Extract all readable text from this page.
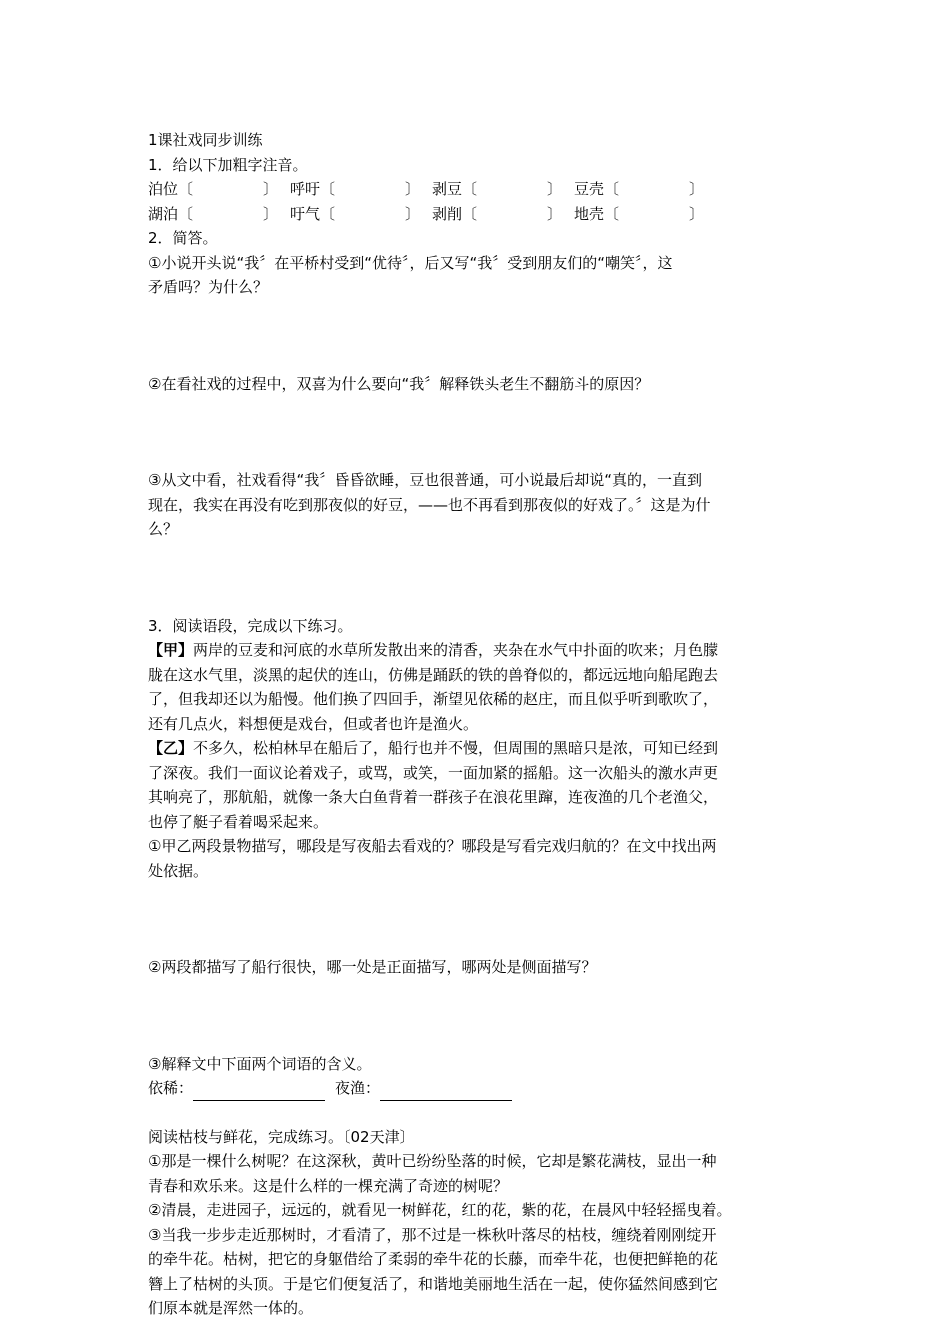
1课社戏同步训练
1．给以下加粗字注音。
泊位 〔	〕 呼吁 〔	〕 剥豆 〔	〕 豆壳 〔	〕
湖泊 〔	〕 吁气 〔	〕 剥削 〔	〕 地壳 〔	〕
2．简答。
①小说开头说“我〞在平桥村受到“优待〞，后又写“我〞受到朋友们的“嘲笑〞，这
矛盾吗？为什么？
②在看社戏的过程中，双喜为什么要向“我〞解释铁头老生不翻筋斗的原因？
③从文中看，社戏看得“我〞昏昏欲睡，豆也很普通，可小说最后却说“真的，一直到
现在，我实在再没有吃到那夜似的好豆，——也不再看到那夜似的好戏了。〞这是为什
么？
3．阅读语段，完成以下练习。
【甲】两岸的豆麦和河底的水草所发散出来的清香，夹杂在水气中扑面的吹来；月色朦
胧在这水气里，淡黑的起伏的连山，仿佛是踊跃的铁的兽脊似的，都远远地向船尾跑去
了，但我却还以为船慢。他们换了四回手，渐望见依稀的赵庄，而且似乎听到歌吹了，
还有几点火，料想便是戏台，但或者也许是渔火。
【乙】不多久，松柏林早在船后了，船行也并不慢，但周围的黑暗只是浓，可知已经到
了深夜。我们一面议论着戏子，或骂，或笑，一面加紧的摇船。这一次船头的激水声更
其响亮了，那航船，就像一条大白鱼背着一群孩子在浪花里蹿，连夜渔的几个老渔父，
也停了艇子看着喝采起来。
①甲乙两段景物描写，哪段是写夜船去看戏的？哪段是写看完戏归航的？在文中找出两
处依据。
②两段都描写了船行很快，哪一处是正面描写，哪两处是侧面描写？
③解释文中下面两个词语的含义。
依稀：	夜渔：
阅读枯枝与鲜花，完成练习。〔02天津〕
①那是一棵什么树呢？在这深秋，黄叶已纷纷坠落的时候，它却是繁花满枝，显出一种
青春和欢乐来。这是什么样的一棵充满了奇迹的树呢？
②清晨，走进园子，远远的，就看见一树鲜花，红的花，紫的花，在晨风中轻轻摇曳着。
③当我一步步走近那树时，才看清了，那不过是一株秋叶落尽的枯枝，缠绕着刚刚绽开
的牵牛花。枯树，把它的身躯借给了柔弱的牵牛花的长藤，而牵牛花，也便把鲜艳的花
簪上了枯树的头顶。于是它们便复活了，和谐地美丽地生活在一起，使你猛然间感到它
们原本就是浑然一体的。
